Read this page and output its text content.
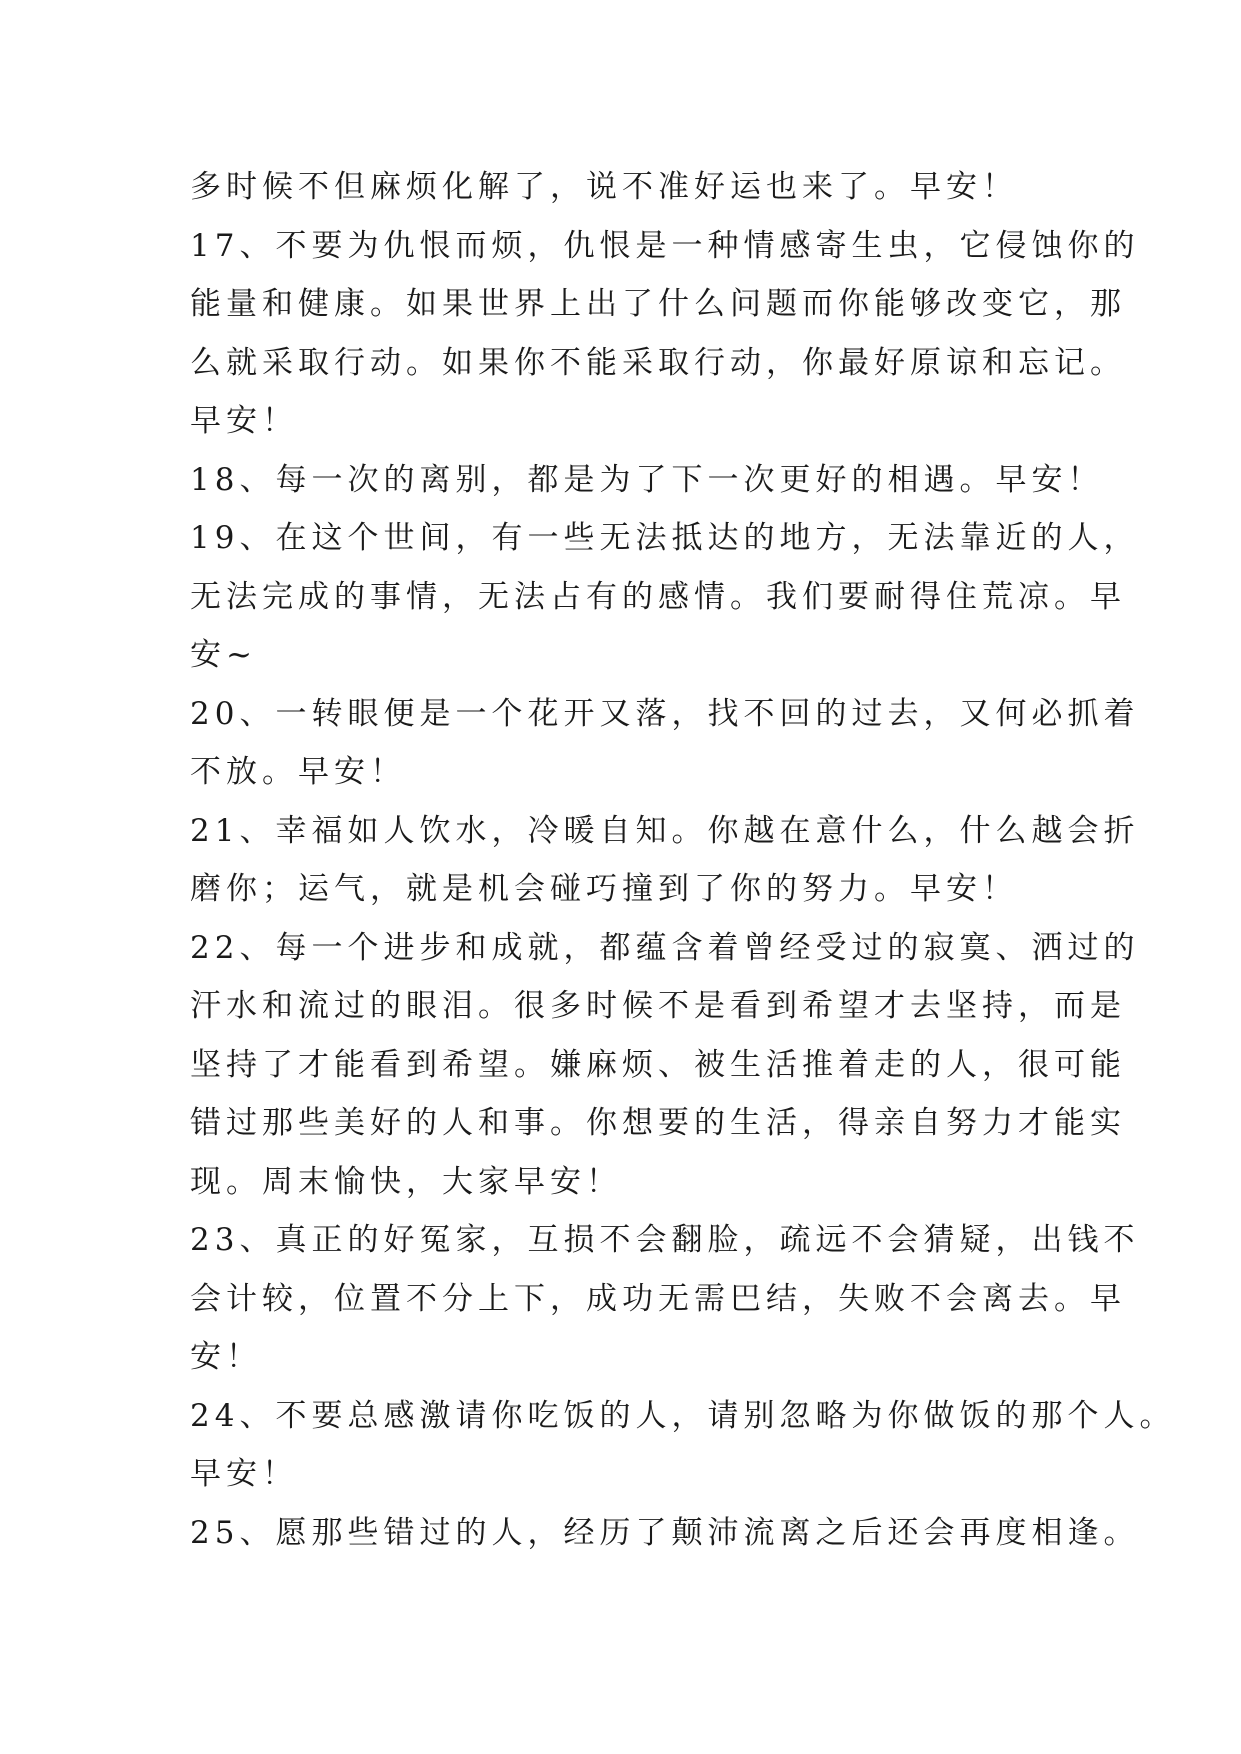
多时候不但麻烦化解了，说不准好运也来了。早安！
17、不要为仇恨而烦，仇恨是一种情感寄生虫，它侵蚀你的
能量和健康。如果世界上出了什么问题而你能够改变它，那
么就采取行动。如果你不能采取行动，你最好原谅和忘记。
早安！
18、每一次的离别，都是为了下一次更好的相遇。早安！
19、在这个世间，有一些无法抵达的地方，无法靠近的人，
无法完成的事情，无法占有的感情。我们要耐得住荒凉。早
安~
20、一转眼便是一个花开又落，找不回的过去，又何必抓着
不放。早安！
21、幸福如人饮水，冷暖自知。你越在意什么，什么越会折
磨你；运气，就是机会碰巧撞到了你的努力。早安！
22、每一个进步和成就，都蕴含着曾经受过的寂寞、洒过的
汗水和流过的眼泪。很多时候不是看到希望才去坚持，而是
坚持了才能看到希望。嫌麻烦、被生活推着走的人，很可能
错过那些美好的人和事。你想要的生活，得亲自努力才能实
现。周末愉快，大家早安！
23、真正的好冤家，互损不会翻脸，疏远不会猜疑，出钱不
会计较，位置不分上下，成功无需巴结，失败不会离去。早
安！
24、不要总感激请你吃饭的人，请别忽略为你做饭的那个人。
早安！
25、愿那些错过的人，经历了颠沛流离之后还会再度相逢。
